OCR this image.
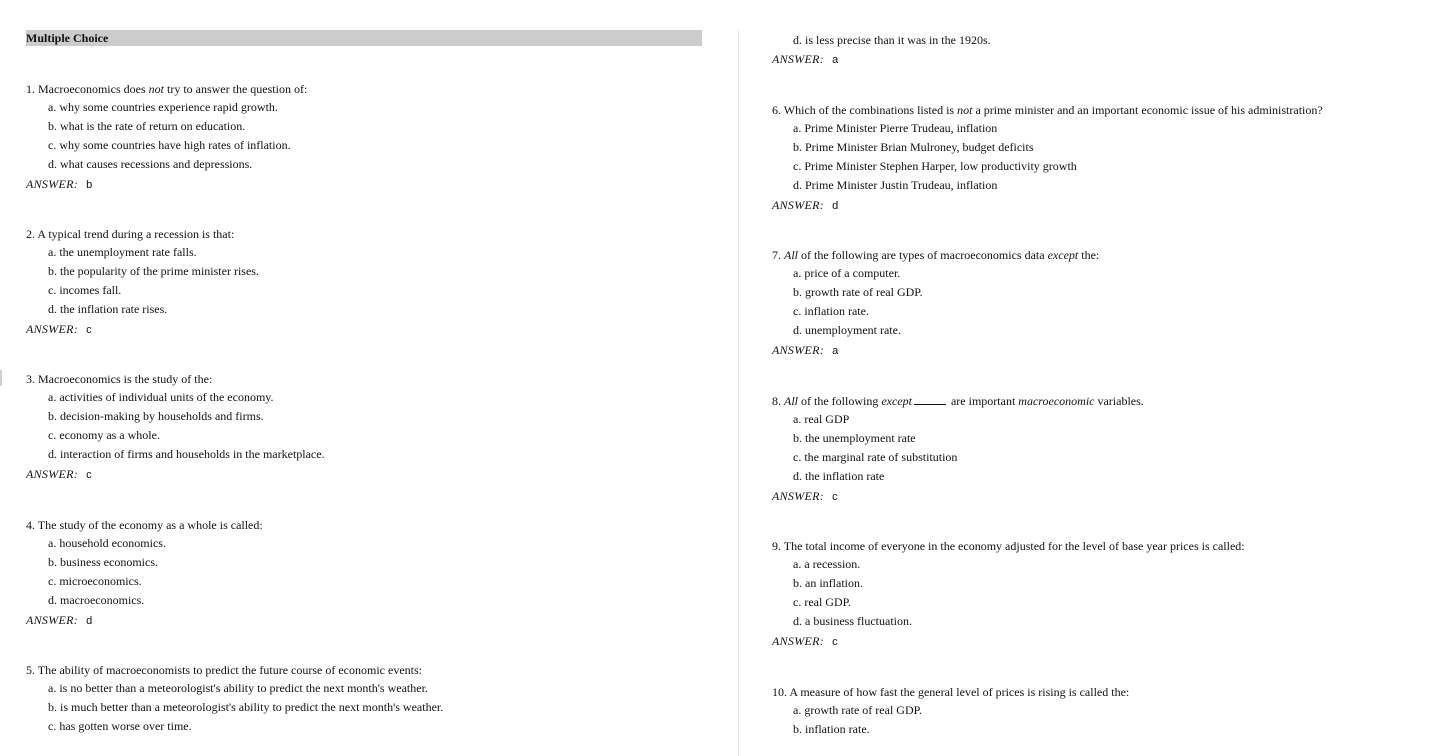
Multiple Choice
1. Macroeconomics does not try to answer the question of:
a. why some countries experience rapid growth.
b. what is the rate of return on education.
c. why some countries have high rates of inflation.
d. what causes recessions and depressions.
ANSWER: b
2. A typical trend during a recession is that:
a. the unemployment rate falls.
b. the popularity of the prime minister rises.
c. incomes fall.
d. the inflation rate rises.
ANSWER: c
3. Macroeconomics is the study of the:
a. activities of individual units of the economy.
b. decision-making by households and firms.
c. economy as a whole.
d. interaction of firms and households in the marketplace.
ANSWER: c
4. The study of the economy as a whole is called:
a. household economics.
b. business economics.
c. microeconomics.
d. macroeconomics.
ANSWER: d
5. The ability of macroeconomists to predict the future course of economic events:
a. is no better than a meteorologist's ability to predict the next month's weather.
b. is much better than a meteorologist's ability to predict the next month's weather.
c. has gotten worse over time.
d. is less precise than it was in the 1920s.
ANSWER: a
6. Which of the combinations listed is not a prime minister and an important economic issue of his administration?
a. Prime Minister Pierre Trudeau, inflation
b. Prime Minister Brian Mulroney, budget deficits
c. Prime Minister Stephen Harper, low productivity growth
d. Prime Minister Justin Trudeau, inflation
ANSWER: d
7. All of the following are types of macroeconomics data except the:
a. price of a computer.
b. growth rate of real GDP.
c. inflation rate.
d. unemployment rate.
ANSWER: a
8. All of the following except	are important macroeconomic variables.
a. real GDP
b. the unemployment rate
c. the marginal rate of substitution
d. the inflation rate
ANSWER: c
9. The total income of everyone in the economy adjusted for the level of base year prices is called:
a. a recession.
b. an inflation.
c. real GDP.
d. a business fluctuation.
ANSWER: c
10. A measure of how fast the general level of prices is rising is called the:
a. growth rate of real GDP.
b. inflation rate.
